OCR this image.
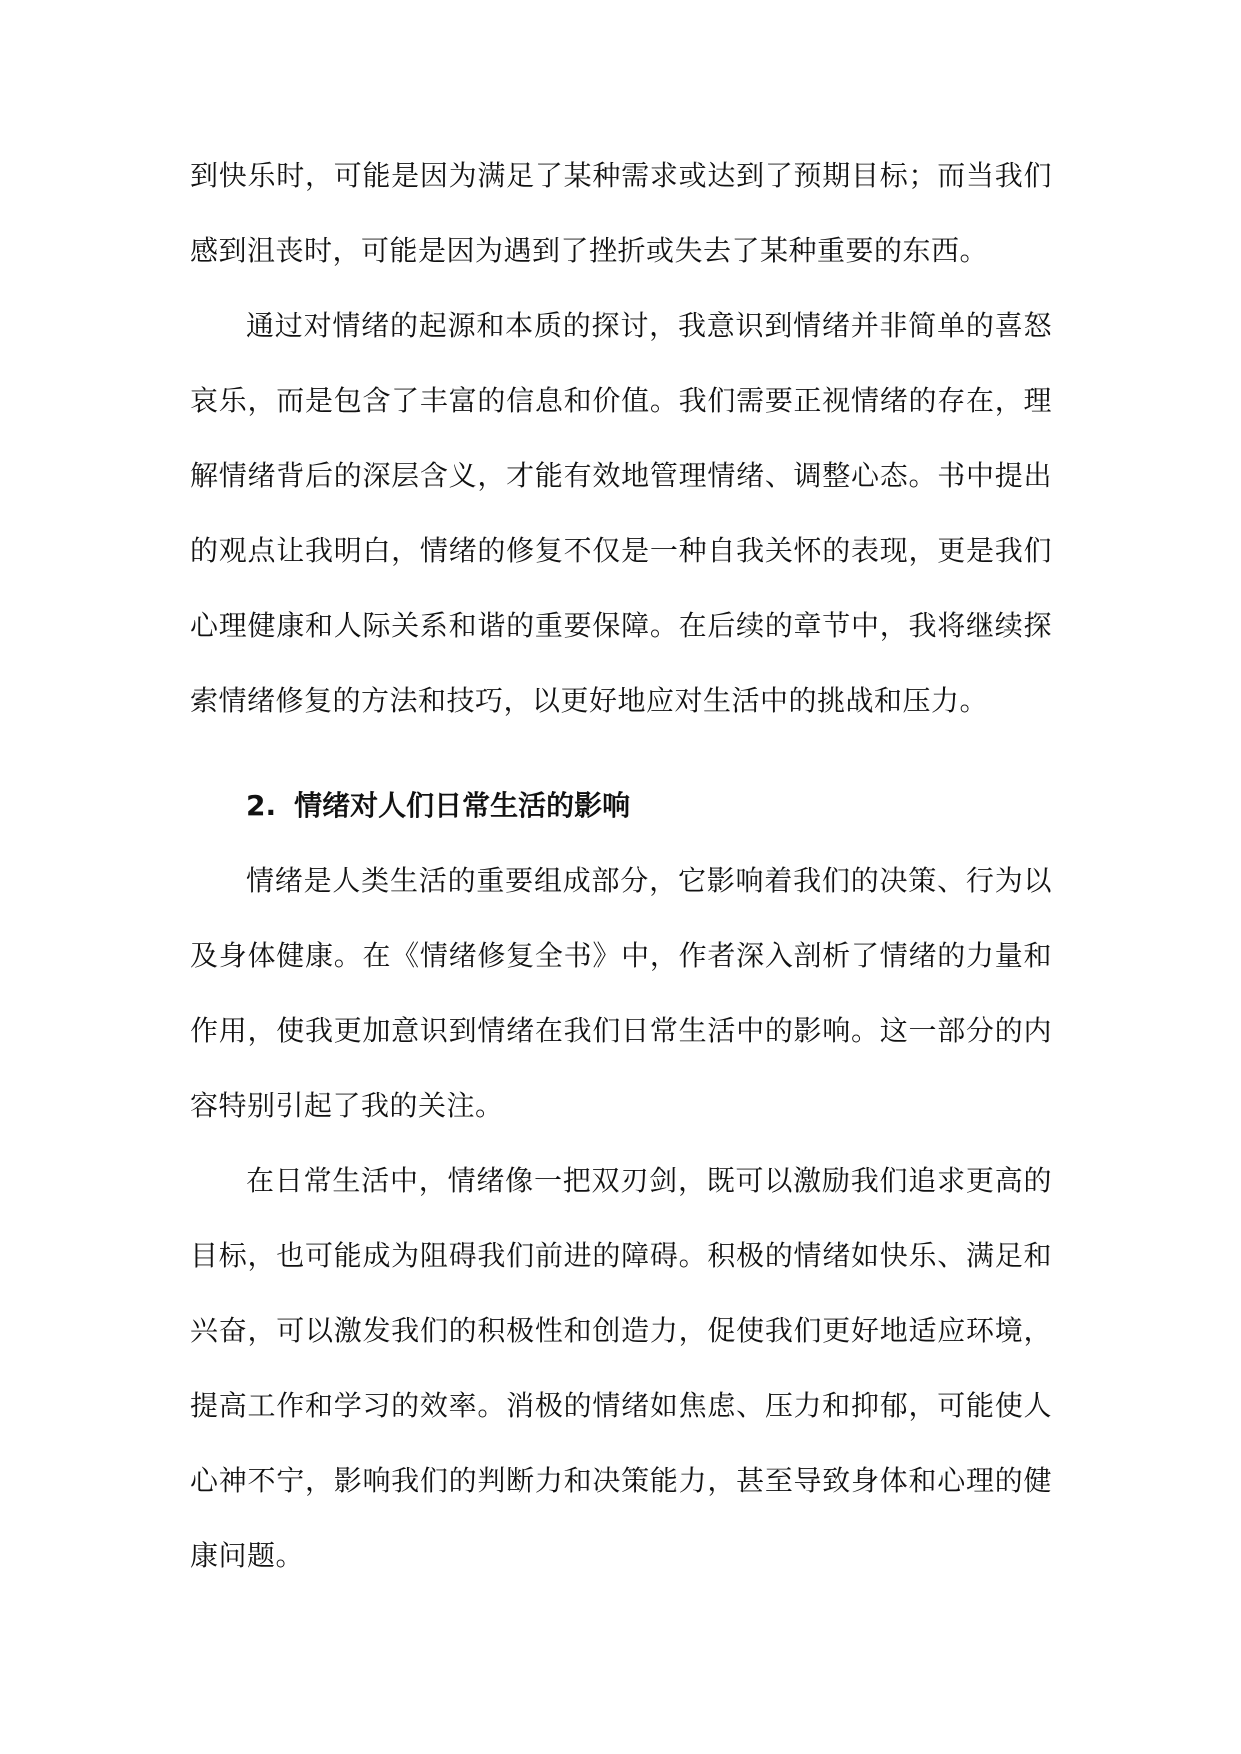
到快乐时，可能是因为满足了某种需求或达到了预期目标；而当我们感到沮丧时，可能是因为遇到了挫折或失去了某种重要的东西。

通过对情绪的起源和本质的探讨，我意识到情绪并非简单的喜怒哀乐，而是包含了丰富的信息和价值。我们需要正视情绪的存在，理解情绪背后的深层含义，才能有效地管理情绪、调整心态。书中提出的观点让我明白，情绪的修复不仅是一种自我关怀的表现，更是我们心理健康和人际关系和谐的重要保障。在后续的章节中，我将继续探索情绪修复的方法和技巧，以更好地应对生活中的挑战和压力。

2. 情绪对人们日常生活的影响

情绪是人类生活的重要组成部分，它影响着我们的决策、行为以及身体健康。在《情绪修复全书》中，作者深入剖析了情绪的力量和作用，使我更加意识到情绪在我们日常生活中的影响。这一部分的内容特别引起了我的关注。

在日常生活中，情绪像一把双刃剑，既可以激励我们追求更高的目标，也可能成为阻碍我们前进的障碍。积极的情绪如快乐、满足和兴奋，可以激发我们的积极性和创造力，促使我们更好地适应环境，提高工作和学习的效率。消极的情绪如焦虑、压力和抑郁，可能使人心神不宁，影响我们的判断力和决策能力，甚至导致身体和心理的健康问题。
